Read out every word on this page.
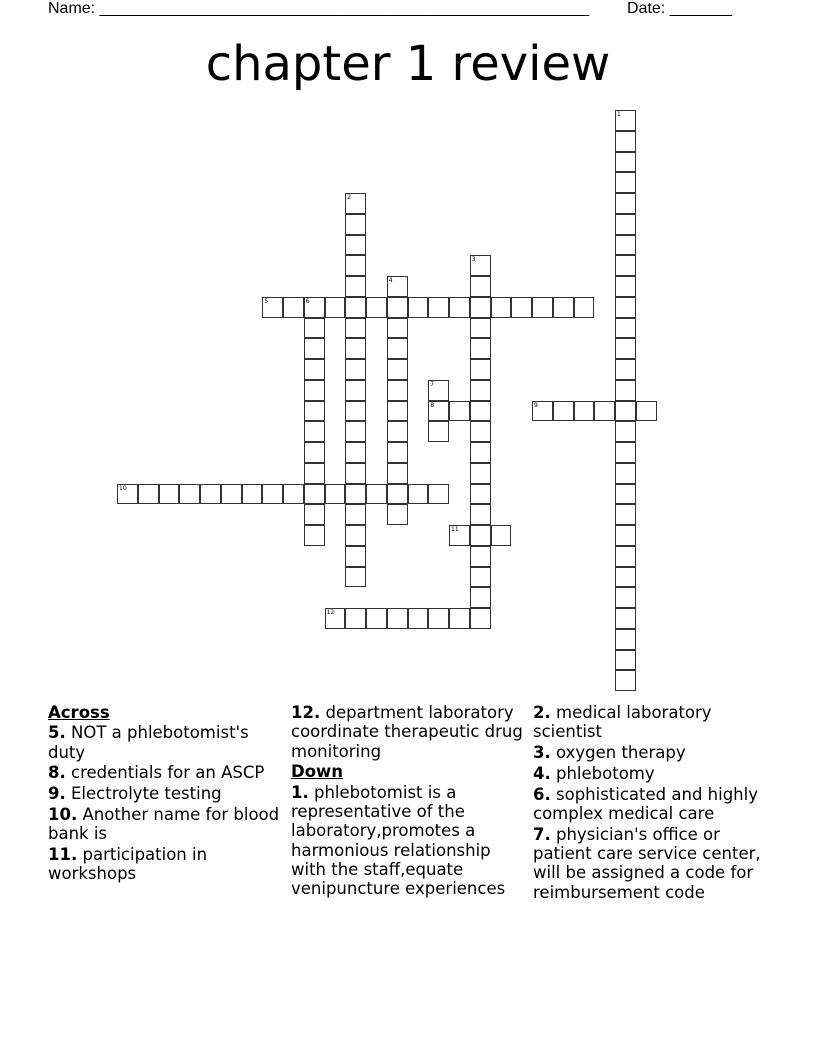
Name: _______________________________________________________ Date: _______
chapter 1 review
1
2
3
4
5	6
7
8	9
10
11
12
Across
5. NOT a phlebotomist's duty
8. credentials for an ASCP
9. Electrolyte testing
10. Another name for blood bank is
11. participation in workshops
12. department laboratory coordinate therapeutic drug monitoring
Down
1. phlebotomist is a representative of the laboratory,promotes a harmonious relationship with the staff,equate venipuncture experiences
2. medical laboratory scientist
3. oxygen therapy
4. phlebotomy
6. sophisticated and highly complex medical care
7. physician's office or patient care service center, will be assigned a code for reimbursement code
